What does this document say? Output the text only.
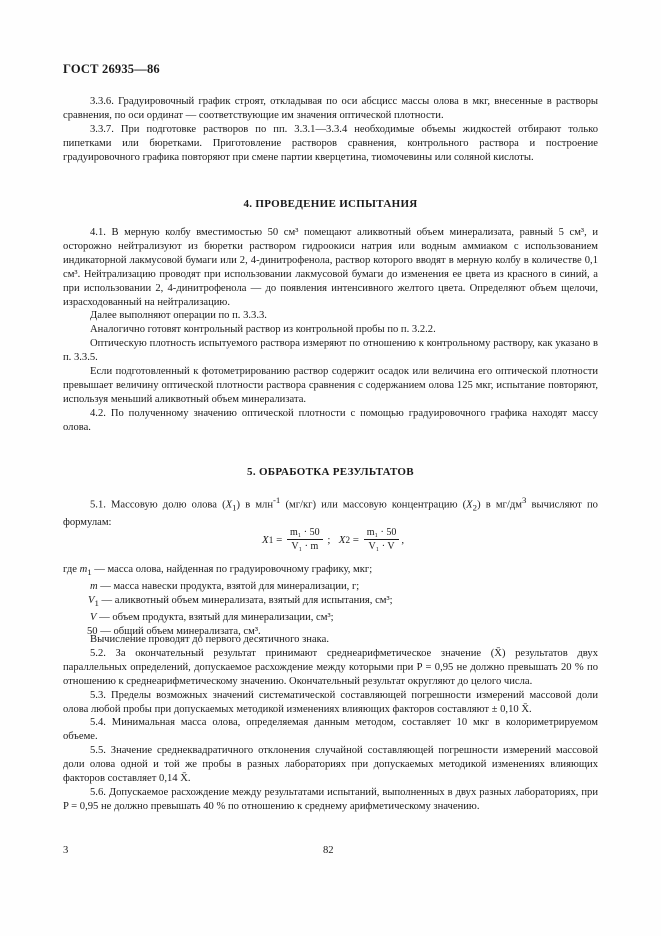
ГОСТ 26935—86

3.3.6. Градуировочный график строят, откладывая по оси абсцисс массы олова в мкг, внесенные в растворы сравнения, по оси ординат — соответствующие им значения оптической плотности.

3.3.7. При подготовке растворов по пп. 3.3.1—3.3.4 необходимые объемы жидкостей отбирают только пипетками или бюретками. Приготовление растворов сравнения, контрольного раствора и построение градуировочного графика повторяют при смене партии кверцетина, тиомочевины или соляной кислоты.

4. ПРОВЕДЕНИЕ ИСПЫТАНИЯ

4.1. В мерную колбу вместимостью 50 см³ помещают аликвотный объем минерализата, равный 5 см³, и осторожно нейтрализуют из бюретки раствором гидроокиси натрия или водным аммиаком с использованием индикаторной лакмусовой бумаги или 2, 4-динитрофенола, раствор которого вводят в мерную колбу в количестве 0,1 см³. Нейтрализацию проводят при использовании лакмусовой бумаги до изменения ее цвета из красного в синий, а при использовании 2, 4-динитрофенола — до появления интенсивного желтого цвета. Определяют объем щелочи, израсходованный на нейтрализацию.

Далее выполняют операции по п. 3.3.3.

Аналогично готовят контрольный раствор из контрольной пробы по п. 3.2.2.

Оптическую плотность испытуемого раствора измеряют по отношению к контрольному раствору, как указано в п. 3.3.5.

Если подготовленный к фотометрированию раствор содержит осадок или величина его оптической плотности превышает величину оптической плотности раствора сравнения с содержанием олова 125 мкг, испытание повторяют, используя меньший аликвотный объем минерализата.

4.2. По полученному значению оптической плотности с помощью градуировочного графика находят массу олова.

5. ОБРАБОТКА РЕЗУЛЬТАТОВ

5.1. Массовую долю олова $(X_1)$ в млн$^{-1}$ (мг/кг) или массовую концентрацию $(X_2)$ в $мг/дм^3$ вычисляют по формулам:

X $1 = \frac{\text{m₁ · 50}}{\text{V₁ · m}}$ ; X $2 = \frac{\text{m₁ · 50}}{\text{V₁ · V}}$ ,
где $m_1$ — масса олова, найденная по градуировочному графику, мкг;
m — масса навески продукта, взятой для минерализации, г;
$V_1$ — аликвотный объем минерализата, взятый для испытания, см³;
V — объем продукта, взятый для минерализации, см³;
50 — общий объем минерализата, см³.

Вычисление проводят до первого десятичного знака.

5.2. За окончательный результат принимают среднеарифметическое значение (X̄) результатов двух параллельных определений, допускаемое расхождение между которыми при P = 0,95 не должно превышать 20 % по отношению к среднеарифметическому значению. Окончательный результат округляют до целого числа.

5.3. Пределы возможных значений систематической составляющей погрешности измерений массовой доли олова любой пробы при допускаемых методикой изменениях влияющих факторов составляют ± 0,10 X̄.

5.4. Минимальная масса олова, определяемая данным методом, составляет 10 мкг в колориметрируемом объеме.

5.5. Значение среднеквадратичного отклонения случайной составляющей погрешности измерений массовой доли олова одной и той же пробы в разных лабораториях при допускаемых методикой изменениях влияющих факторов составляет 0,14 X̄.

5.6. Допускаемое расхождение между результатами испытаний, выполненных в двух разных лабораториях, при P = 0,95 не должно превышать 40 % по отношению к среднему арифметическому значению.

3	82
